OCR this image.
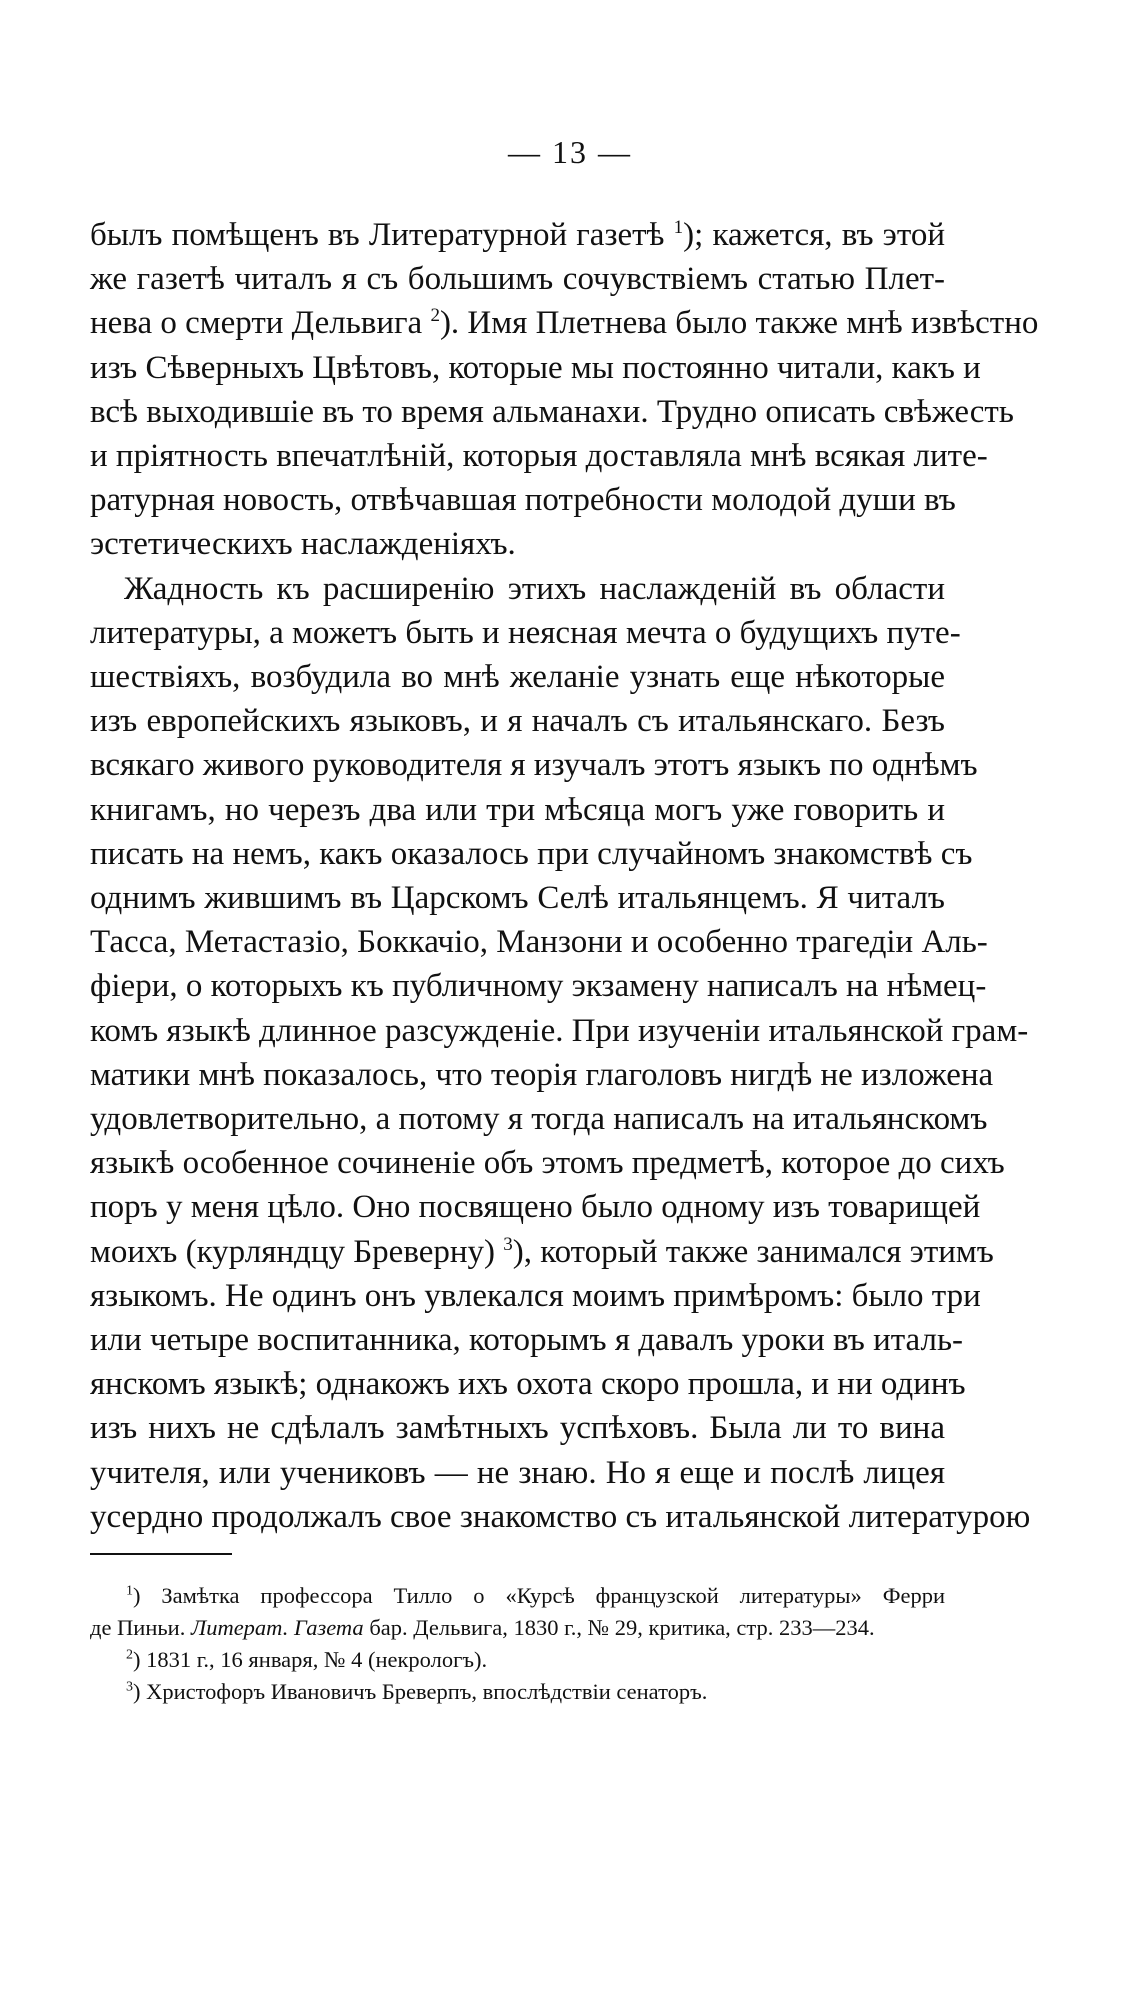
— 13 —
былъ помѣщенъ въ Литературной газетѣ $^1$); кажется, въ этой
же газетѣ читалъ я съ большимъ сочувствіемъ статью Плет-
нева о смерти Дельвига $^2$). Имя Плетнева было также мнѣ извѣстно
изъ Сѣверныхъ Цвѣтовъ, которые мы постоянно читали, какъ и
всѣ выходившіе въ то время альманахи. Трудно описать свѣжесть
и пріятность впечатлѣній, которыя доставляла мнѣ всякая лите-
ратурная новость, отвѣчавшая потребности молодой души въ
эстетическихъ наслажденіяхъ.
Жадность къ расширенію этихъ наслажденій въ области
литературы, а можетъ быть и неясная мечта о будущихъ путе-
шествіяхъ, возбудила во мнѣ желаніе узнать еще нѣкоторые
изъ европейскихъ языковъ, и я началъ съ итальянскаго. Безъ
всякаго живого руководителя я изучалъ этотъ языкъ по однѣмъ
книгамъ, но черезъ два или три мѣсяца могъ уже говорить и
писать на немъ, какъ оказалось при случайномъ знакомствѣ съ
однимъ жившимъ въ Царскомъ Селѣ итальянцемъ. Я читалъ
Тасса, Метастазіо, Боккачіо, Манзони и особенно трагедіи Аль-
фіери, о которыхъ къ публичному экзамену написалъ на нѣмец-
комъ языкѣ длинное разсужденіе. При изученіи итальянской грам-
матики мнѣ показалось, что теорія глаголовъ нигдѣ не изложена
удовлетворительно, а потому я тогда написалъ на итальянскомъ
языкѣ особенное сочиненіе объ этомъ предметѣ, которое до сихъ
поръ у меня цѣло. Оно посвящено было одному изъ товарищей
моихъ (курляндцу Бреверну) $^3$), который также занимался этимъ
языкомъ. Не одинъ онъ увлекался моимъ примѣромъ: было три
или четыре воспитанника, которымъ я давалъ уроки въ италь-
янскомъ языкѣ; однакожъ ихъ охота скоро прошла, и ни одинъ
изъ нихъ не сдѣлалъ замѣтныхъ успѣховъ. Была ли то вина
учителя, или учениковъ — не знаю. Но я еще и послѣ лицея
усердно продолжалъ свое знакомство съ итальянской литературою
$^1$) Замѣтка профессора Тилло о «Курсѣ французской литературы» Ферри
де Пиньи. Литерат. Газета бар. Дельвига, 1830 г., № 29, критика, стр. 233—234.
$^2$) 1831 г., 16 января, № 4 (некрологъ).
$^3$) Христофоръ Ивановичъ Бреверпъ, впослѣдствіи сенаторъ.
